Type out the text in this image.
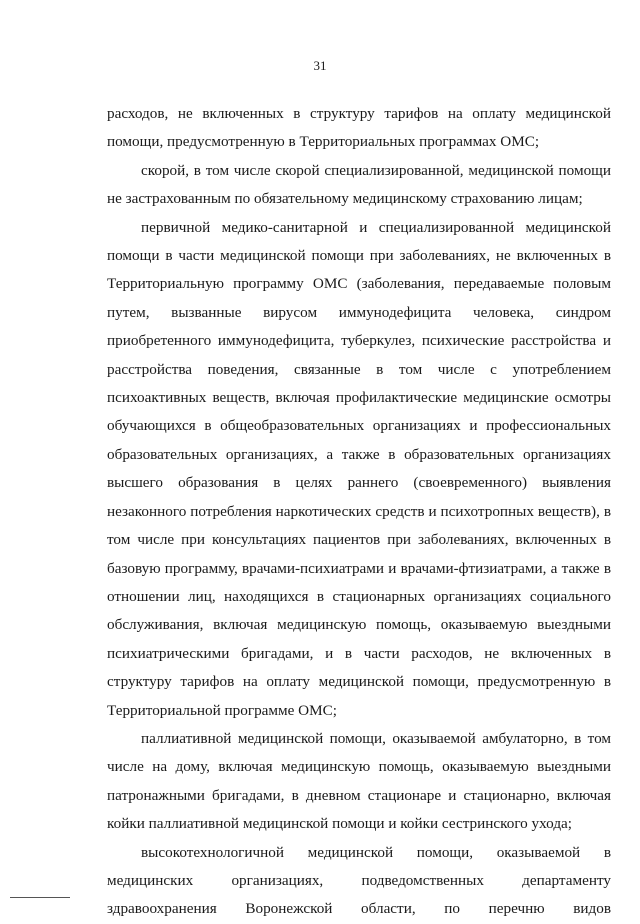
31

расходов, не включенных в структуру тарифов на оплату медицинской помощи, предусмотренную в Территориальных программах ОМС;

скорой, в том числе скорой специализированной, медицинской помощи не застрахованным по обязательному медицинскому страхованию лицам;

первичной медико-санитарной и специализированной медицинской помощи в части медицинской помощи при заболеваниях, не включенных в Территориальную программу ОМС (заболевания, передаваемые половым путем, вызванные вирусом иммунодефицита человека, синдром приобретенного иммунодефицита, туберкулез, психические расстройства и расстройства поведения, связанные в том числе с употреблением психоактивных веществ, включая профилактические медицинские осмотры обучающихся в общеобразовательных организациях и профессиональных образовательных организациях, а также в образовательных организациях высшего образования в целях раннего (своевременного) выявления незаконного потребления наркотических средств и психотропных веществ), в том числе при консультациях пациентов при заболеваниях, включенных в базовую программу, врачами-психиатрами и врачами-фтизиатрами, а также в отношении лиц, находящихся в стационарных организациях социального обслуживания, включая медицинскую помощь, оказываемую выездными психиатрическими бригадами, и в части расходов, не включенных в структуру тарифов на оплату медицинской помощи, предусмотренную в Территориальной программе ОМС;

паллиативной медицинской помощи, оказываемой амбулаторно, в том числе на дому, включая медицинскую помощь, оказываемую выездными патронажными бригадами, в дневном стационаре и стационарно, включая койки паллиативной медицинской помощи и койки сестринского ухода;

высокотехнологичной медицинской помощи, оказываемой в медицинских организациях, подведомственных департаменту здравоохранения Воронежской области, по перечню видов
